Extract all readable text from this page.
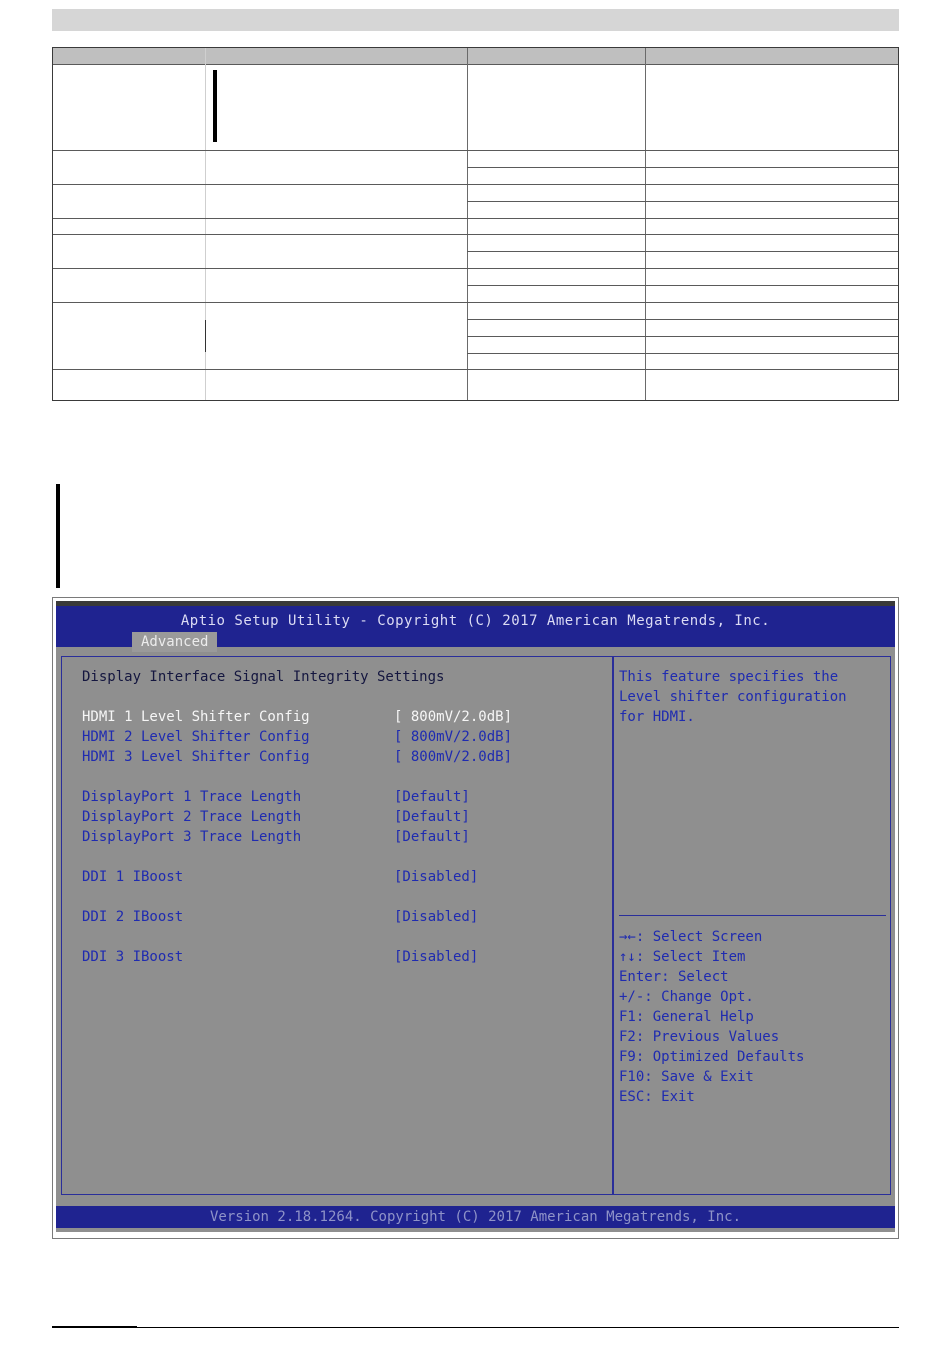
Aptio Setup Utility - Copyright (C) 2017 American Megatrends, Inc.
Advanced
Display Interface Signal Integrity Settings
HDMI 1 Level Shifter Config	[ 800mV/2.0dB]
HDMI 2 Level Shifter Config	[ 800mV/2.0dB]
HDMI 3 Level Shifter Config	[ 800mV/2.0dB]
DisplayPort 1 Trace Length	[Default]
DisplayPort 2 Trace Length	[Default]
DisplayPort 3 Trace Length	[Default]
DDI 1 IBoost	[Disabled]
DDI 2 IBoost	[Disabled]
DDI 3 IBoost	[Disabled]
This feature specifies the
Level shifter configuration
for HDMI.
→←: Select Screen
↑↓: Select Item
Enter: Select
+/-: Change Opt.
F1: General Help
F2: Previous Values
F9: Optimized Defaults
F10: Save & Exit
ESC: Exit
Version 2.18.1264. Copyright (C) 2017 American Megatrends, Inc.
